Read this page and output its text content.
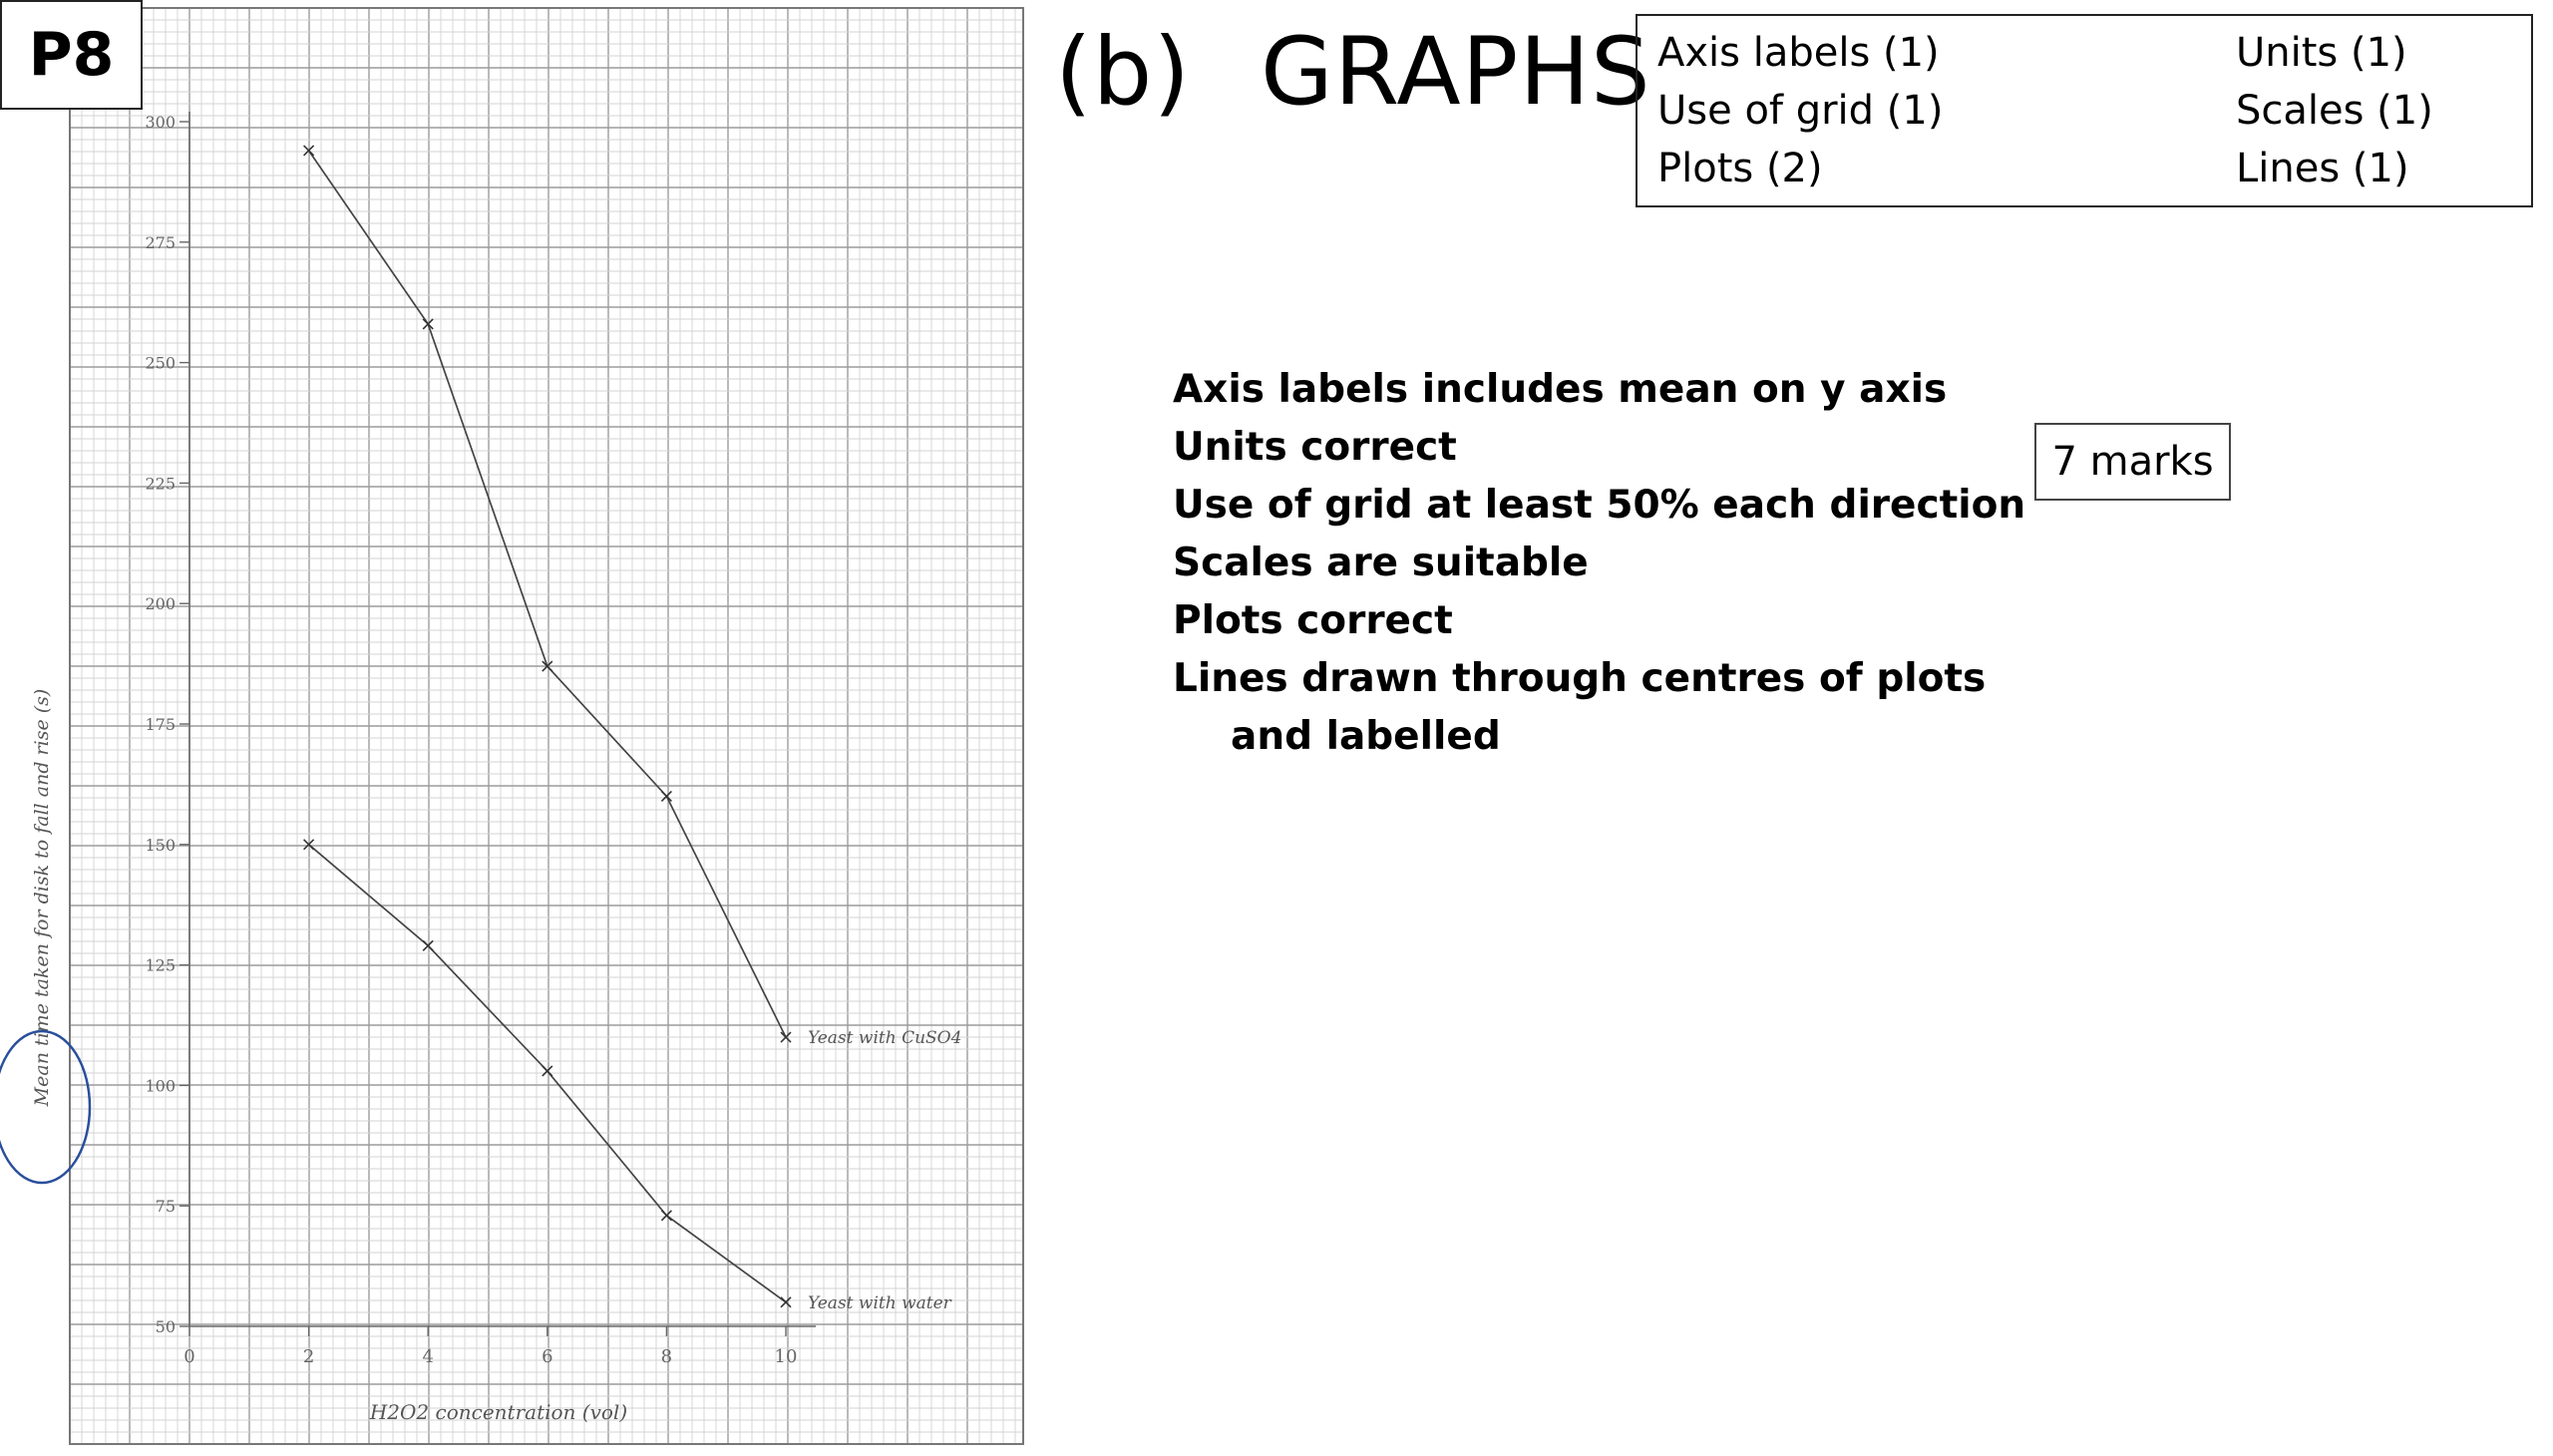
50
75
100
125
150
175
200
225
250
275
300
0	2	4	6	8	10
Yeast with CuSO4
Yeast with water
Mean time taken for disk to fall and rise (s)
H2O2 concentration (vol)
P8	(b) GRAPHS Axis labels (1)	Units (1)
Use of grid (1)	Scales (1)
Plots (2)	Lines (1)
Axis labels includes mean on y axis
Units correct
Use of grid at least 50% each direction
Scales are suitable
Plots correct
Lines drawn through centres of plots
and labelled
7 marks
